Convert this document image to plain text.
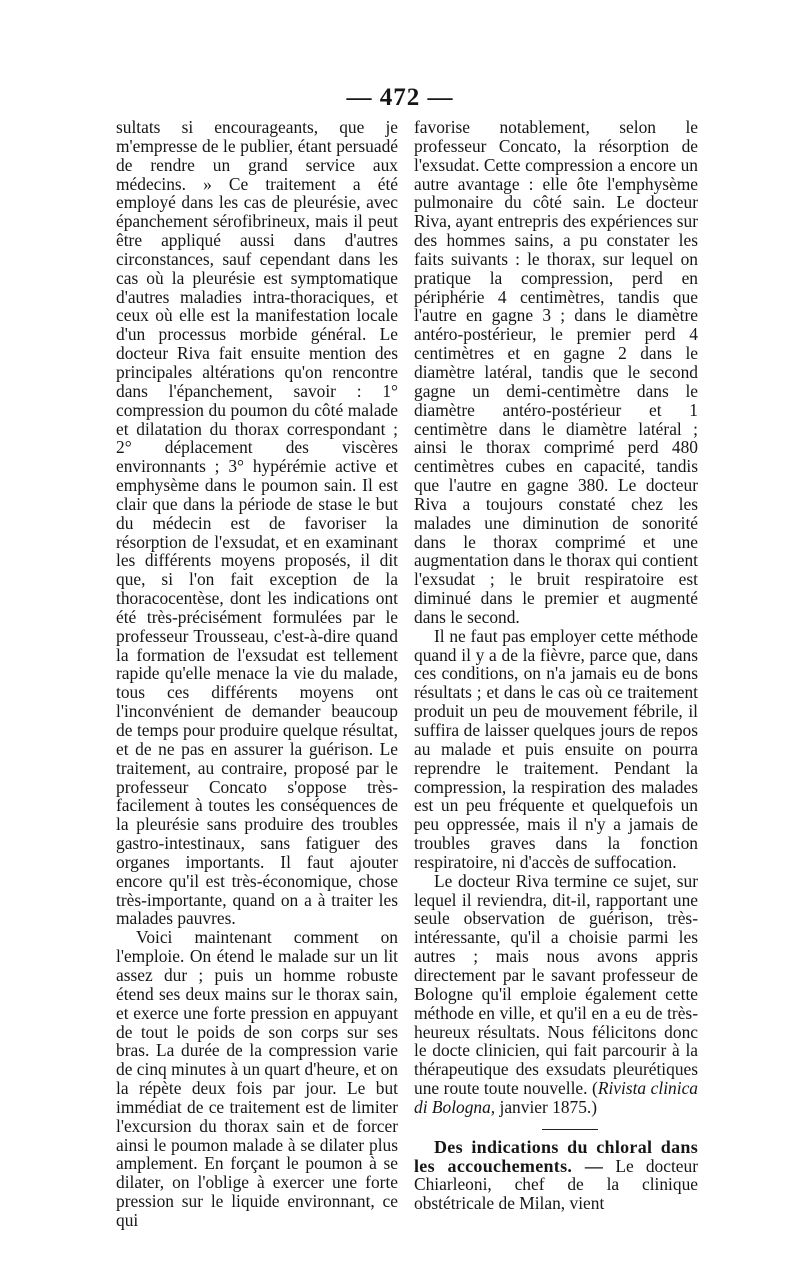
— 472 —

sultats si encourageants, que je m'empresse de le publier, étant persuadé de rendre un grand service aux médecins. » Ce traitement a été employé dans les cas de pleurésie, avec épanchement sérofibrineux, mais il peut être appliqué aussi dans d'autres circonstances, sauf cependant dans les cas où la pleurésie est symptomatique d'autres maladies intra-thoraciques, et ceux où elle est la manifestation locale d'un processus morbide général. Le docteur Riva fait ensuite mention des principales altérations qu'on rencontre dans l'épanchement, savoir : 1° compression du poumon du côté malade et dilatation du thorax correspondant ; 2° déplacement des viscères environnants ; 3° hypérémie active et emphysème dans le poumon sain. Il est clair que dans la période de stase le but du médecin est de favoriser la résorption de l'exsudat, et en examinant les différents moyens proposés, il dit que, si l'on fait exception de la thoracocentèse, dont les indications ont été très-précisément formulées par le professeur Trousseau, c'est-à-dire quand la formation de l'exsudat est tellement rapide qu'elle menace la vie du malade, tous ces différents moyens ont l'inconvénient de demander beaucoup de temps pour produire quelque résultat, et de ne pas en assurer la guérison. Le traitement, au contraire, proposé par le professeur Concato s'oppose très-facilement à toutes les conséquences de la pleurésie sans produire des troubles gastro-intestinaux, sans fatiguer des organes importants. Il faut ajouter encore qu'il est très-économique, chose très-importante, quand on a à traiter les malades pauvres.

Voici maintenant comment on l'emploie. On étend le malade sur un lit assez dur ; puis un homme robuste étend ses deux mains sur le thorax sain, et exerce une forte pression en appuyant de tout le poids de son corps sur ses bras. La durée de la compression varie de cinq minutes à un quart d'heure, et on la répète deux fois par jour. Le but immédiat de ce traitement est de limiter l'excursion du thorax sain et de forcer ainsi le poumon malade à se dilater plus amplement. En forçant le poumon à se dilater, on l'oblige à exercer une forte pression sur le liquide environnant, ce qui

favorise notablement, selon le professeur Concato, la résorption de l'exsudat. Cette compression a encore un autre avantage : elle ôte l'emphysème pulmonaire du côté sain. Le docteur Riva, ayant entrepris des expériences sur des hommes sains, a pu constater les faits suivants : le thorax, sur lequel on pratique la compression, perd en périphérie 4 centimètres, tandis que l'autre en gagne 3 ; dans le diamètre antéro-postérieur, le premier perd 4 centimètres et en gagne 2 dans le diamètre latéral, tandis que le second gagne un demi-centimètre dans le diamètre antéro-postérieur et 1 centimètre dans le diamètre latéral ; ainsi le thorax comprimé perd 480 centimètres cubes en capacité, tandis que l'autre en gagne 380. Le docteur Riva a toujours constaté chez les malades une diminution de sonorité dans le thorax comprimé et une augmentation dans le thorax qui contient l'exsudat ; le bruit respiratoire est diminué dans le premier et augmenté dans le second.

Il ne faut pas employer cette méthode quand il y a de la fièvre, parce que, dans ces conditions, on n'a jamais eu de bons résultats ; et dans le cas où ce traitement produit un peu de mouvement fébrile, il suffira de laisser quelques jours de repos au malade et puis ensuite on pourra reprendre le traitement. Pendant la compression, la respiration des malades est un peu fréquente et quelquefois un peu oppressée, mais il n'y a jamais de troubles graves dans la fonction respiratoire, ni d'accès de suffocation.

Le docteur Riva termine ce sujet, sur lequel il reviendra, dit-il, rapportant une seule observation de guérison, très-intéressante, qu'il a choisie parmi les autres ; mais nous avons appris directement par le savant professeur de Bologne qu'il emploie également cette méthode en ville, et qu'il en a eu de très-heureux résultats. Nous félicitons donc le docte clinicien, qui fait parcourir à la thérapeutique des exsudats pleurétiques une route toute nouvelle. (Rivista clinica di Bologna, janvier 1875.)

Des indications du chloral dans les accouchements. — Le docteur Chiarleoni, chef de la clinique obstétricale de Milan, vient
